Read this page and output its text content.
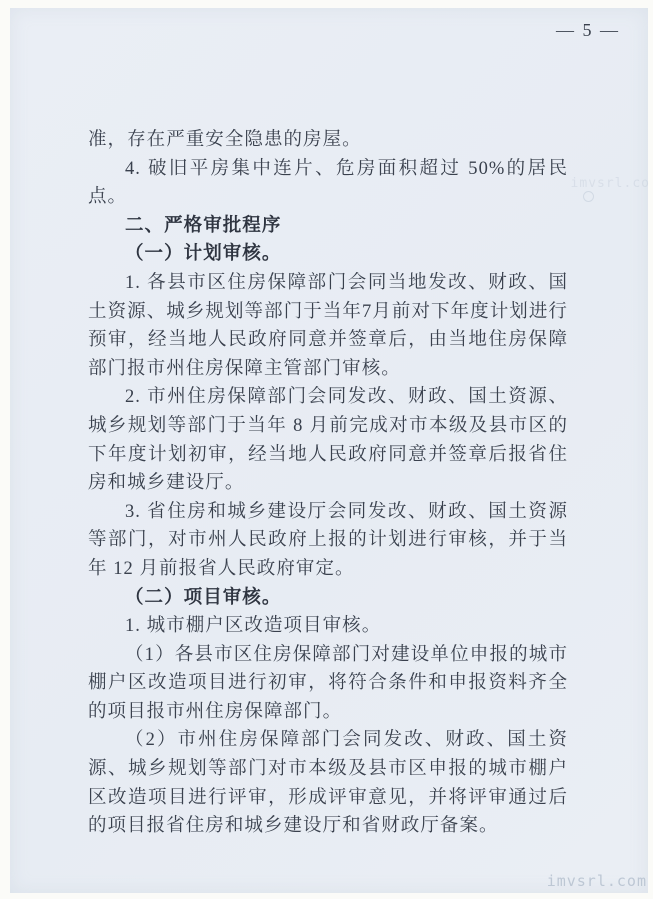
准，存在严重安全隐患的房屋。

4. 破旧平房集中连片、危房面积超过 50%的居民点。

二、严格审批程序

（一）计划审核。

1. 各县市区住房保障部门会同当地发改、财政、国土资源、城乡规划等部门于当年7月前对下年度计划进行预审，经当地人民政府同意并签章后，由当地住房保障部门报市州住房保障主管部门审核。

2. 市州住房保障部门会同发改、财政、国土资源、城乡规划等部门于当年 8 月前完成对市本级及县市区的下年度计划初审，经当地人民政府同意并签章后报省住房和城乡建设厅。

3. 省住房和城乡建设厅会同发改、财政、国土资源等部门，对市州人民政府上报的计划进行审核，并于当年 12 月前报省人民政府审定。

（二）项目审核。

1. 城市棚户区改造项目审核。

（1）各县市区住房保障部门对建设单位申报的城市棚户区改造项目进行初审，将符合条件和申报资料齐全的项目报市州住房保障部门。

（2）市州住房保障部门会同发改、财政、国土资源、城乡规划等部门对市本级及县市区申报的城市棚户区改造项目进行评审，形成评审意见，并将评审通过后的项目报省住房和城乡建设厅和省财政厅备案。

— 5 —

imvsrl.co
imvsrl.com
